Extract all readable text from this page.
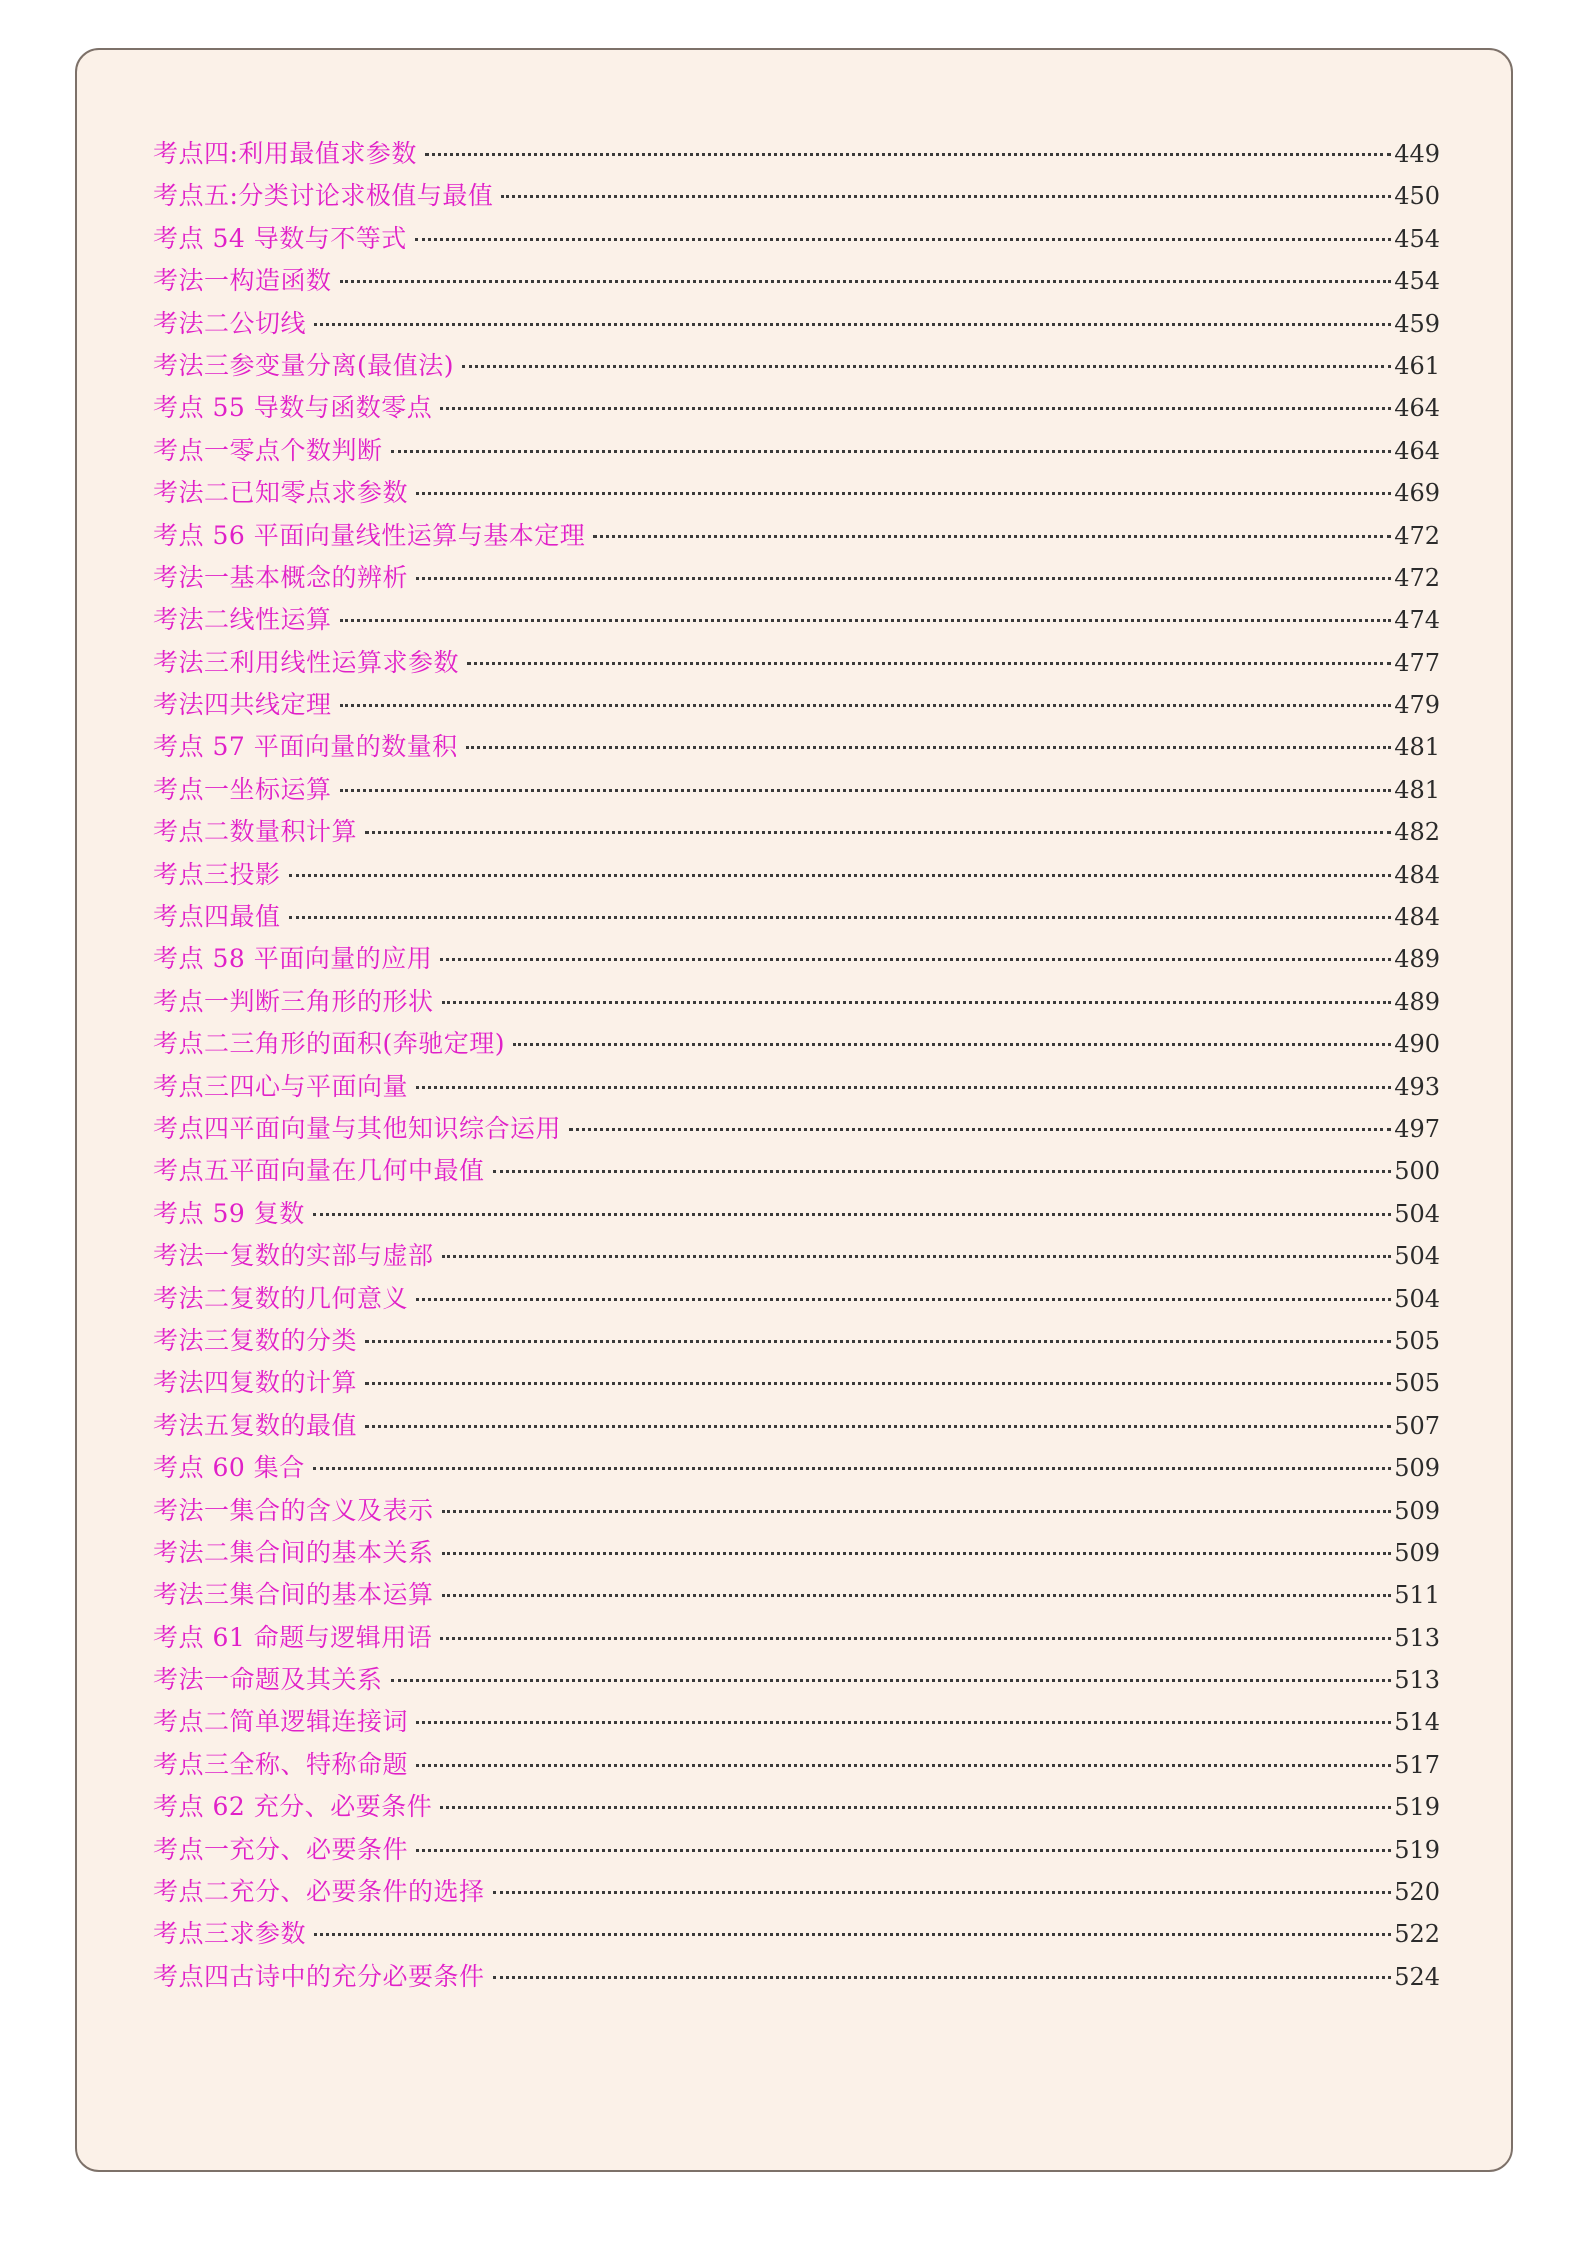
考点四:利用最值求参数	449
考点五:分类讨论求极值与最值	450
考点 54 导数与不等式	454
考法一构造函数	454
考法二公切线	459
考法三参变量分离(最值法)	461
考点 55 导数与函数零点	464
考点一零点个数判断	464
考法二已知零点求参数	469
考点 56 平面向量线性运算与基本定理	472
考法一基本概念的辨析	472
考法二线性运算	474
考法三利用线性运算求参数	477
考法四共线定理	479
考点 57 平面向量的数量积	481
考点一坐标运算	481
考点二数量积计算	482
考点三投影	484
考点四最值	484
考点 58 平面向量的应用	489
考点一判断三角形的形状	489
考点二三角形的面积(奔驰定理)	490
考点三四心与平面向量	493
考点四平面向量与其他知识综合运用	497
考点五平面向量在几何中最值	500
考点 59 复数	504
考法一复数的实部与虚部	504
考法二复数的几何意义	504
考法三复数的分类	505
考法四复数的计算	505
考法五复数的最值	507
考点 60 集合	509
考法一集合的含义及表示	509
考法二集合间的基本关系	509
考法三集合间的基本运算	511
考点 61 命题与逻辑用语	513
考法一命题及其关系	513
考点二简单逻辑连接词	514
考点三全称、特称命题	517
考点 62 充分、必要条件	519
考点一充分、必要条件	519
考点二充分、必要条件的选择	520
考点三求参数	522
考点四古诗中的充分必要条件	524
